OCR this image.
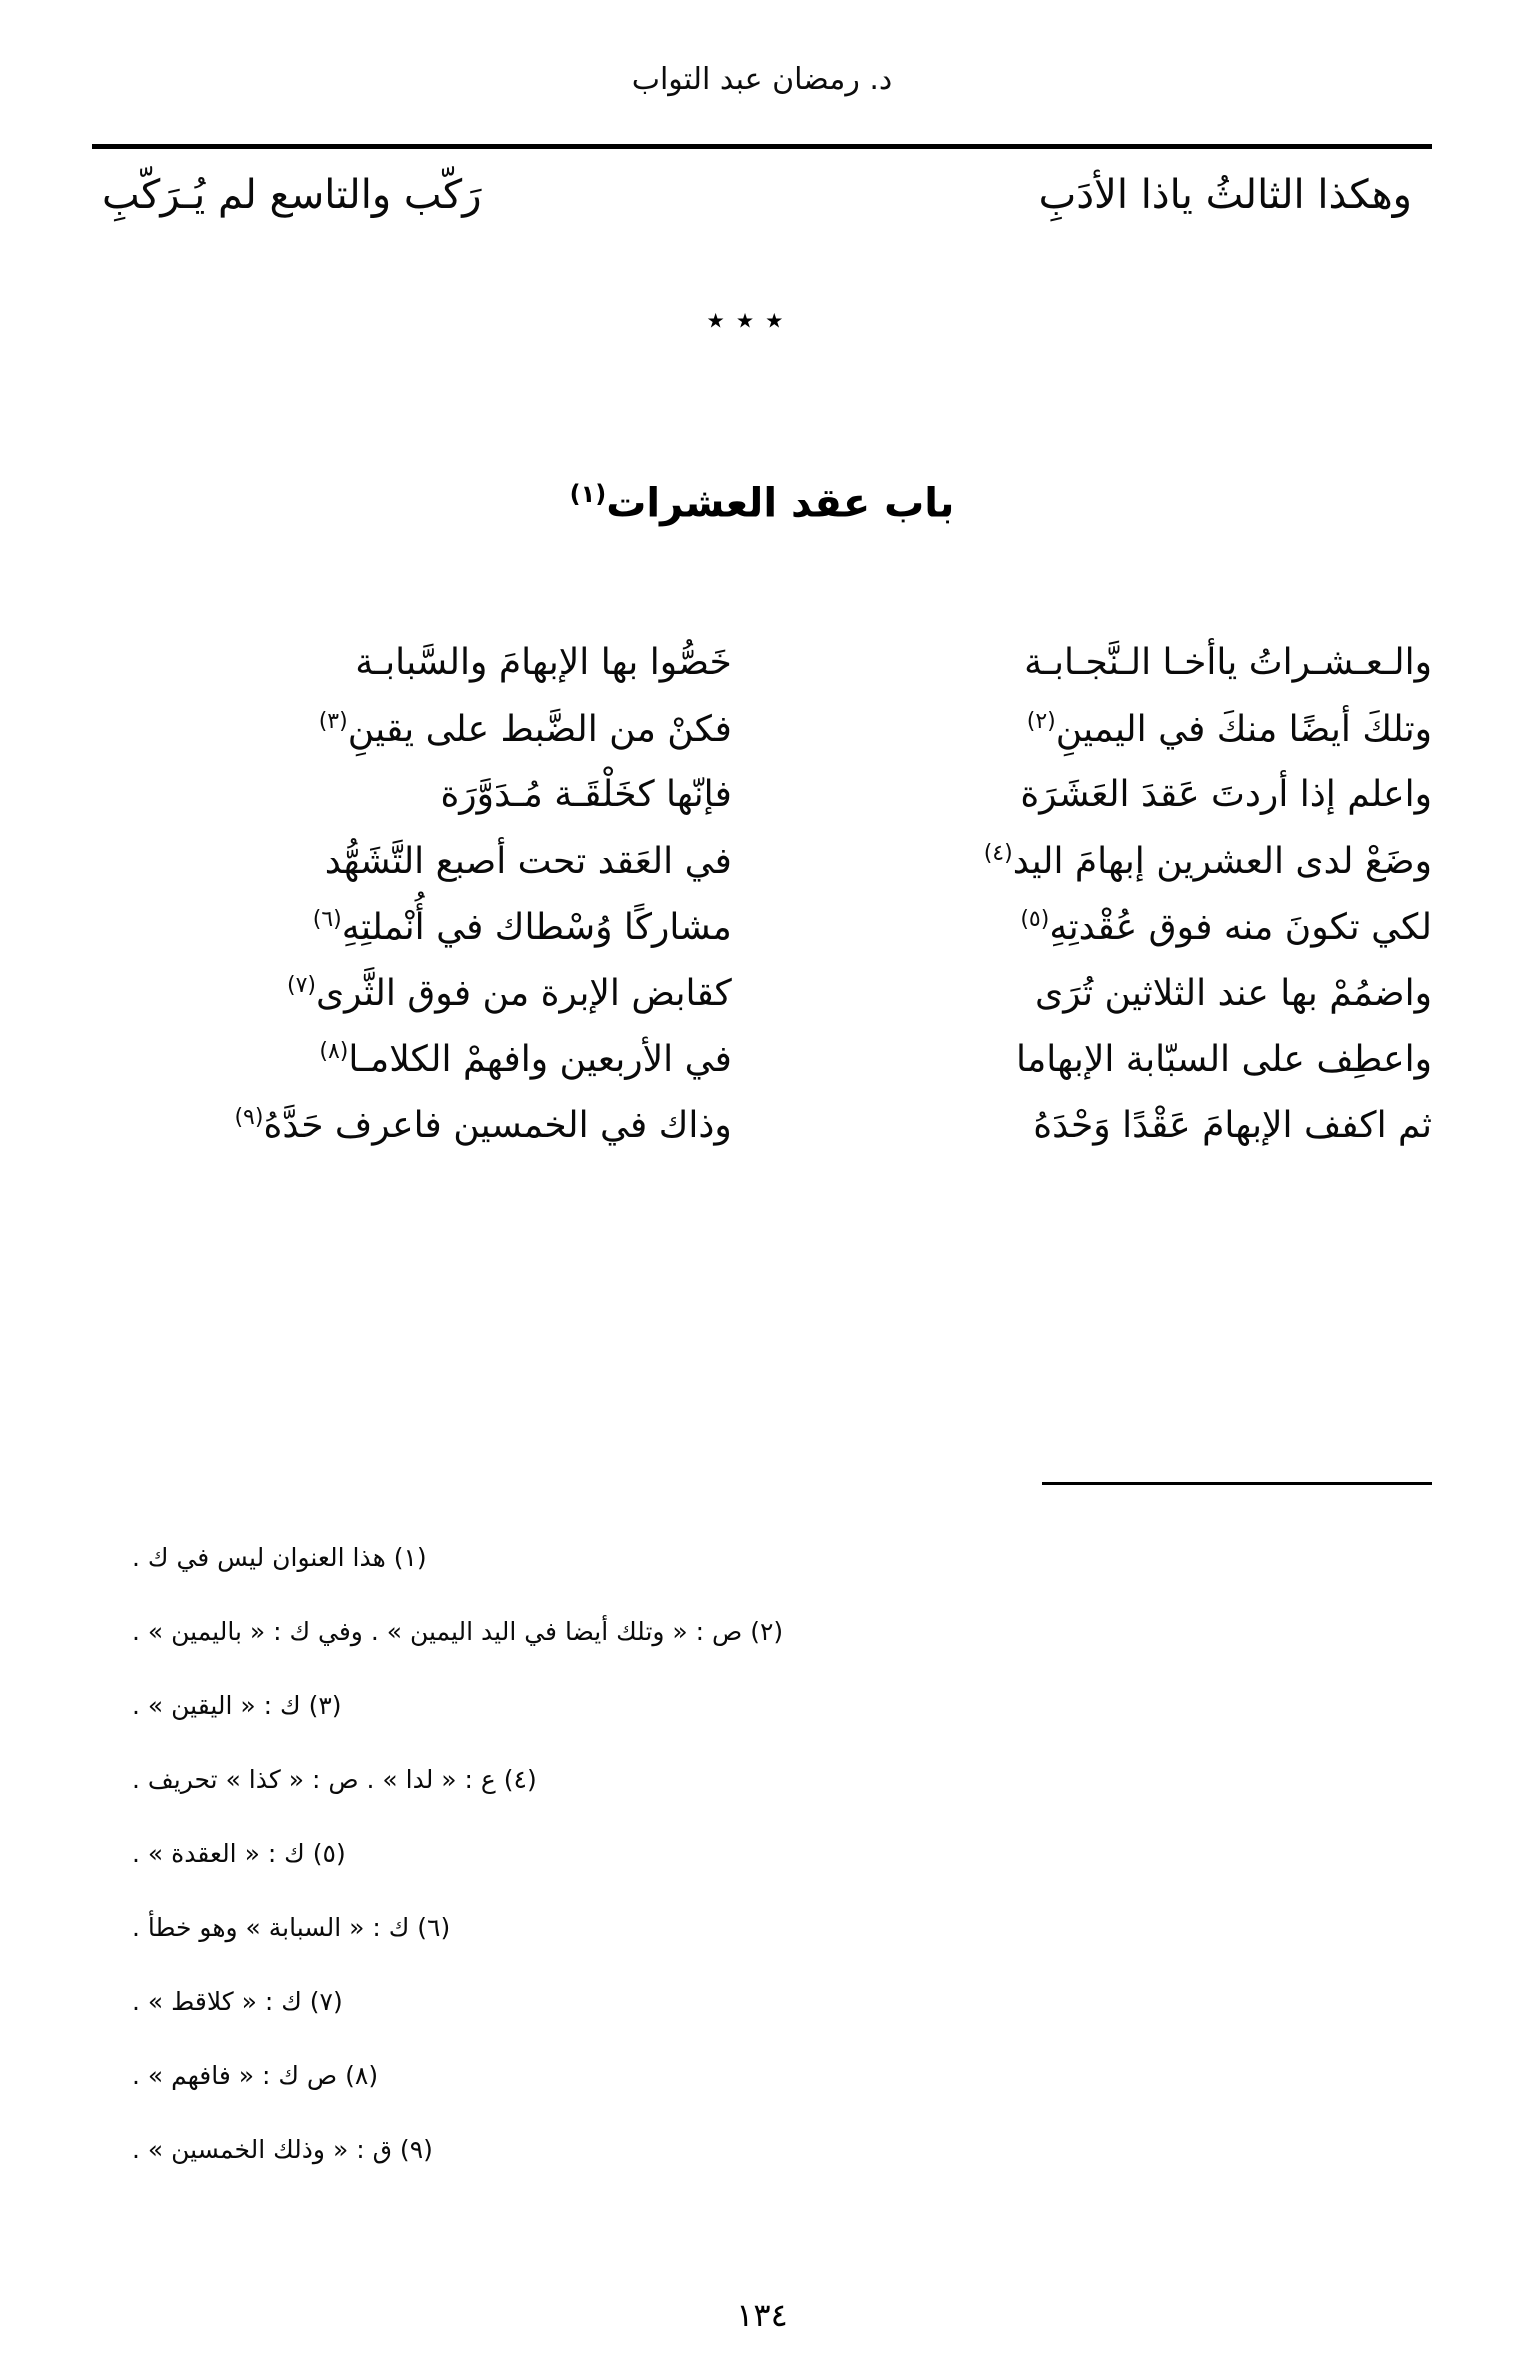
د. رمضان عبد التواب
وهكذا الثالثُ ياذا الأدَبِ
رَكّب والتاسع لم يُـرَكّبِ
٭ ٭ ٭
باب عقد العشرات$^{(١)}$
والـعـشـراتُ ياأخـا الـنَّجـابـة
خَصُّوا بها الإبهامَ والسَّبابـة
وتلكَ أيضًا منكَ في اليمينِ$^{(٢)}$
فكنْ من الضَّبط على يقينِ$^{(٣)}$
واعلم إذا أردتَ عَقدَ العَشَرَة
فإنّها كخَلْقَـة مُـدَوَّرَة
وضَعْ لدى العشرين إبهامَ اليد$^{(٤)}$
في العَقد تحت أصبع التَّشَهُّد
لكي تكونَ منه فوق عُقْدتِهِ$^{(٥)}$
مشاركًا وُسْطاك في أُنْملتِهِ$^{(٦)}$
واضمُمْ بها عند الثلاثين تُرَى
كقابض الإبرة من فوق الثَّرى$^{(٧)}$
واعطِف على السبّابة الإبهاما
في الأربعين وافهمْ الكلامـا$^{(٨)}$
ثم اكفف الإبهامَ عَقْدًا وَحْدَهُ
وذاك في الخمسين فاعرف حَدَّهُ$^{(٩)}$
(١) هذا العنوان ليس في ك .
(٢) ص : « وتلك أيضا في اليد اليمين » . وفي ك : « باليمين » .
(٣) ك : « اليقين » .
(٤) ع : « لدا » . ص : « كذا » تحريف .
(٥) ك : « العقدة » .
(٦) ك : « السبابة » وهو خطأ .
(٧) ك : « كلاقط » .
(٨) ص ك : « فافهم » .
(٩) ق : « وذلك الخمسين » .
١٣٤
